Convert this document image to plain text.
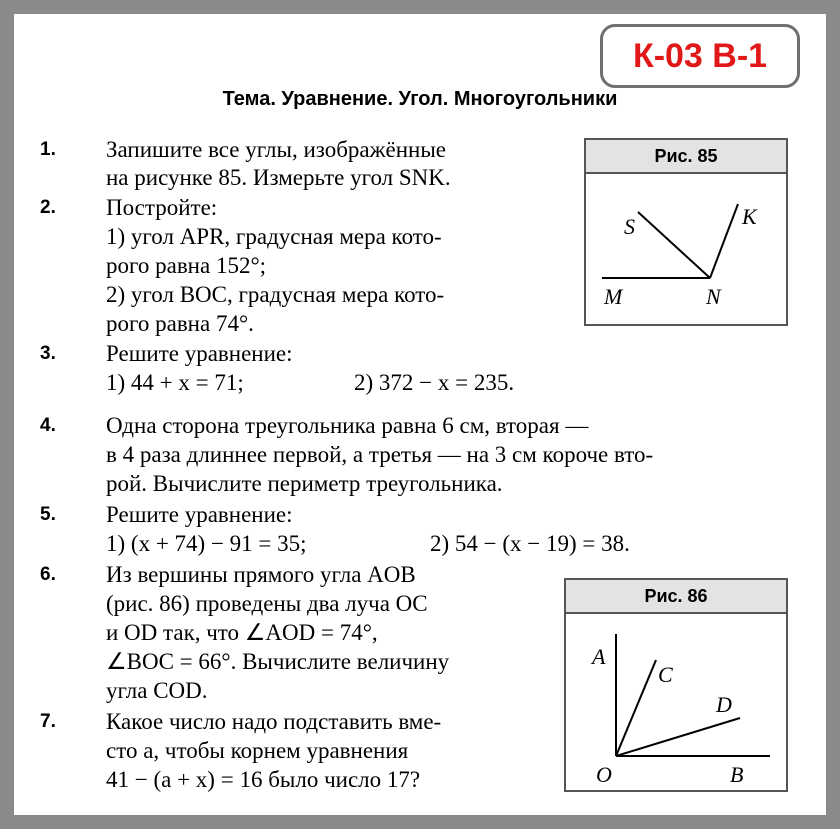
К-03 В-1
Тема. Уравнение. Угол. Многоугольники
1. Запишите все углы, изображённые
на рисунке 85. Измерьте угол SNK.
2. Постройте:
1) угол APR, градусная мера кото-
рого равна 152°;
2) угол BOC, градусная мера кото-
рого равна 74°.
3. Решите уравнение:
1) 44 + x = 71;	2) 372 − x = 235.
4. Одна сторона треугольника равна 6 см, вторая —
в 4 раза длиннее первой, а третья — на 3 см короче вто-
рой. Вычислите периметр треугольника.
5. Решите уравнение:
1) (x + 74) − 91 = 35;	2) 54 − (x − 19) = 38.
6. Из вершины прямого угла AOB
(рис. 86) проведены два луча OC
и OD так, что ∠AOD = 74°,
∠BOC = 66°. Вычислите величину
угла COD.
7. Какое число надо подставить вме-
сто a, чтобы корнем уравнения
41 − (a + x) = 16 было число 17?
Рис. 85
S	K
M	N
Рис. 86
A
C
D
O	B
